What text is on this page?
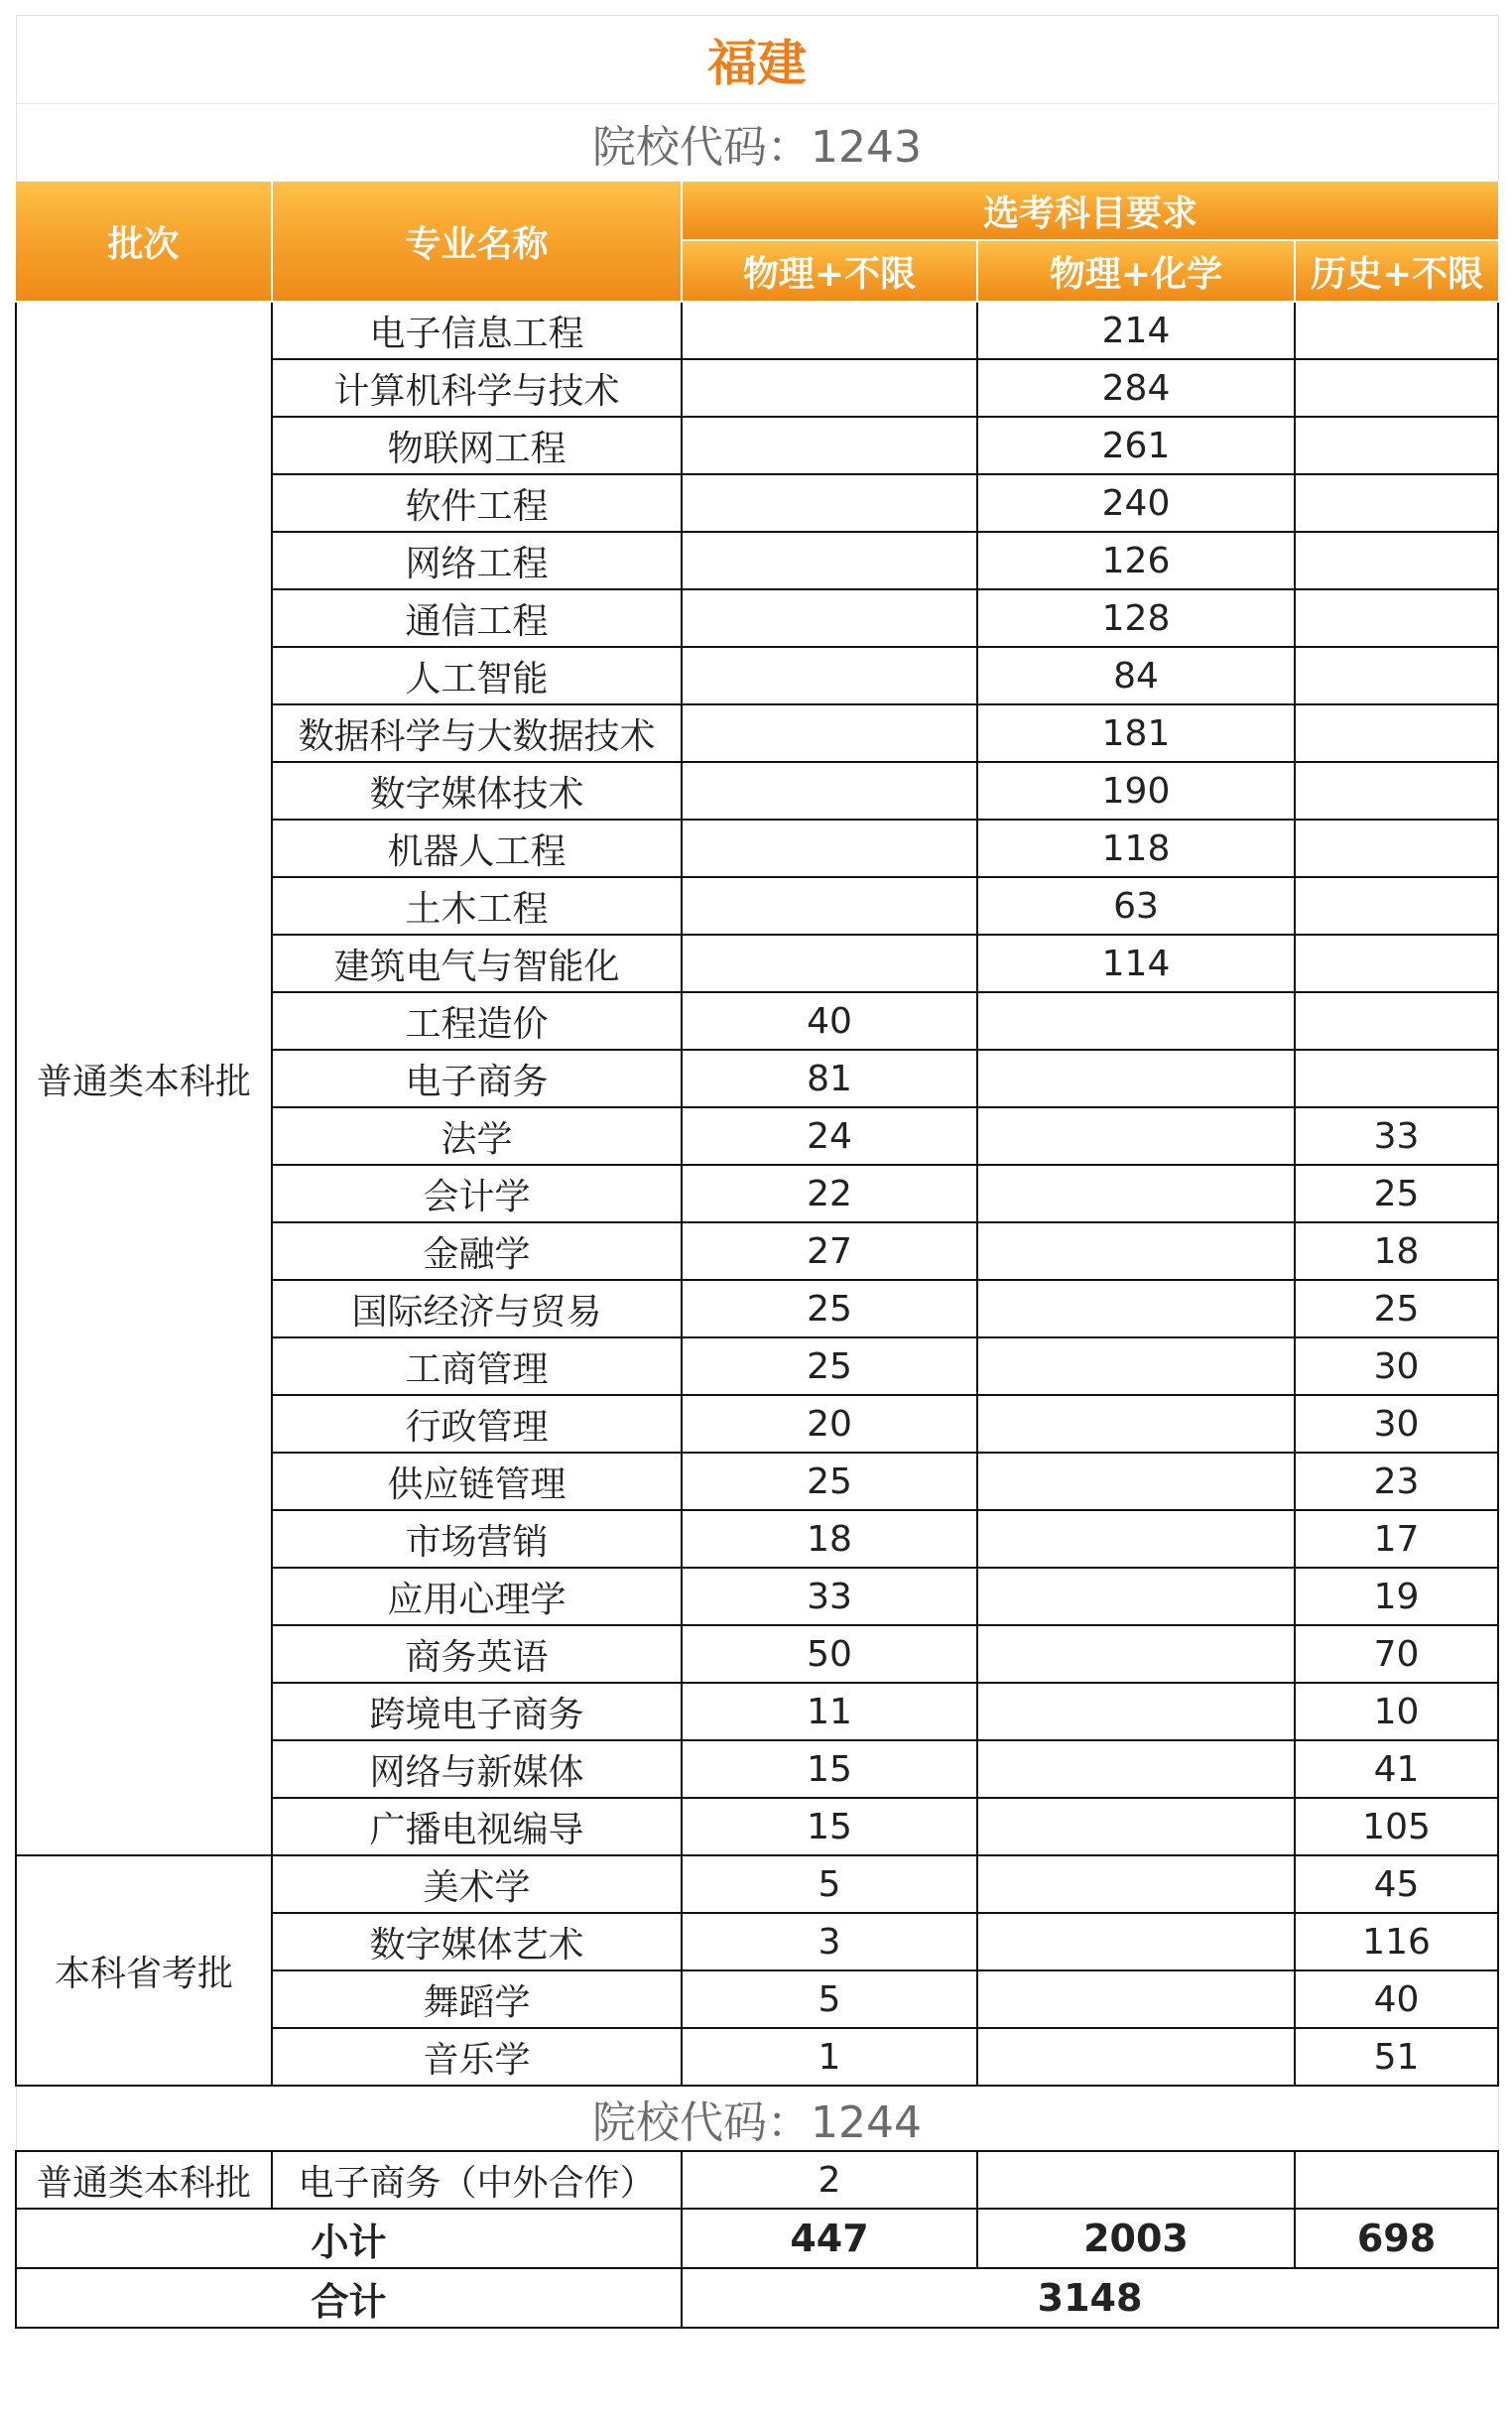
福建				
院校代码：1243				
批次	专业名称	选考科目要求		
		物理+不限	物理+化学	历史+不限
普通类本科批	电子信息工程		214	
	计算机科学与技术		284	
	物联网工程		261	
	软件工程		240	
	网络工程		126	
	通信工程		128	
	人工智能		84	
	数据科学与大数据技术		181	
	数字媒体技术		190	
	机器人工程		118	
	土木工程		63	
	建筑电气与智能化		114	
	工程造价	40		
	电子商务	81		
	法学	24		33
	会计学	22		25
	金融学	27		18
	国际经济与贸易	25		25
	工商管理	25		30
	行政管理	20		30
	供应链管理	25		23
	市场营销	18		17
	应用心理学	33		19
	商务英语	50		70
	跨境电子商务	11		10
	网络与新媒体	15		41
	广播电视编导	15		105
本科省考批	美术学	5		45
	数字媒体艺术	3		116
	舞蹈学	5		40
	音乐学	1		51
院校代码：1244				
普通类本科批	电子商务（中外合作）	2		
小计		447	2003	698
合计		3148		
